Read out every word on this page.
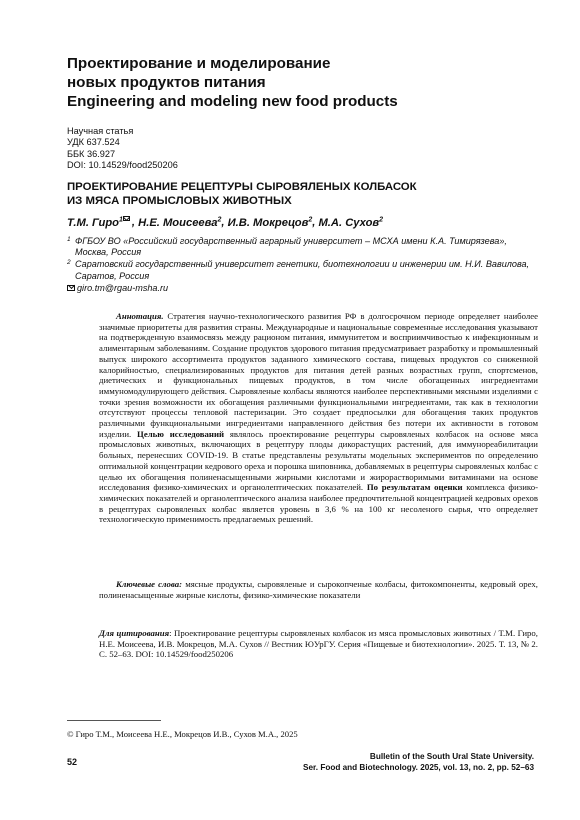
Проектирование и моделирование
новых продуктов питания
Engineering and modeling new food products
Научная статья
УДК 637.524
ББК 36.927
DOI: 10.14529/food250206
ПРОЕКТИРОВАНИЕ РЕЦЕПТУРЫ СЫРОВЯЛЕНЫХ КОЛБАСОК
ИЗ МЯСА ПРОМЫСЛОВЫХ ЖИВОТНЫХ
Т.М. Гиро$^1$ , Н.Е. Моисеева$^2$, И.В. Мокрецов$^2$, М.А. Сухов$^2$
1 ФГБОУ ВО «Российский государственный аграрный университет – МСХА имени К.А. Тимирязева», Москва, Россия
2 Саратовский государственный университет генетики, биотехнологии и инженерии им. Н.И. Вавилова, Саратов, Россия
giro.tm@rgau-msha.ru
Аннотация. Стратегия научно-технологического развития РФ в долгосрочном периоде определяет наиболее значимые приоритеты для развития страны. Международные и национальные современные исследования указывают на подтвержденную взаимосвязь между рационом питания, иммунитетом и восприимчивостью к инфекционным и алиментарным заболеваниям. Создание продуктов здорового питания предусматривает разработку и промышленный выпуск широкого ассортимента продуктов заданного химического состава, пищевых продуктов со сниженной калорийностью, специализированных продуктов для питания детей разных возрастных групп, спортсменов, диетических и функциональных пищевых продуктов, в том числе обогащенных ингредиентами иммуномодулирующего действия. Сыровяленые колбасы являются наиболее перспективными мясными изделиями с точки зрения возможности их обогащения различными функциональными ингредиентами, так как в технологии отсутствуют процессы тепловой пастеризации. Это создает предпосылки для обогащения таких продуктов различными функциональными ингредиентами направленного действия без потери их активности в готовом изделии. Целью исследований являлось проектирование рецептуры сыровяленых колбасок на основе мяса промысловых животных, включающих в рецептуру плоды дикорастущих растений, для иммунореабилитации больных, перенесших COVID-19. В статье представлены результаты модельных экспериментов по определению оптимальной концентрации кедрового ореха и порошка шиповника, добавляемых в рецептуры сыровяленых колбас с целью их обогащения полиненасыщенными жирными кислотами и жирорастворимыми витаминами на основе исследования физико-химических и органолептических показателей. По результатам оценки комплекса физико-химических показателей и органолептического анализа наиболее предпочтительной концентрацией кедровых орехов в рецептурах сыровяленых колбас является уровень в 3,6 % на 100 кг несоленого сырья, что определяет технологическую применимость предлагаемых решений.
Ключевые слова: мясные продукты, сыровяленые и сырокопченые колбасы, фитокомпоненты, кедровый орех, полиненасыщенные жирные кислоты, физико-химические показатели
Для цитирования: Проектирование рецептуры сыровяленых колбасок из мяса промысловых животных / Т.М. Гиро, Н.Е. Моисеева, И.В. Мокрецов, М.А. Сухов // Вестник ЮУрГУ. Серия «Пищевые и биотехнологии». 2025. Т. 13, № 2. С. 52–63. DOI: 10.14529/food250206
© Гиро Т.М., Моисеева Н.Е., Мокрецов И.В., Сухов М.А., 2025
52
Bulletin of the South Ural State University.
Ser. Food and Biotechnology. 2025, vol. 13, no. 2, pp. 52–63
